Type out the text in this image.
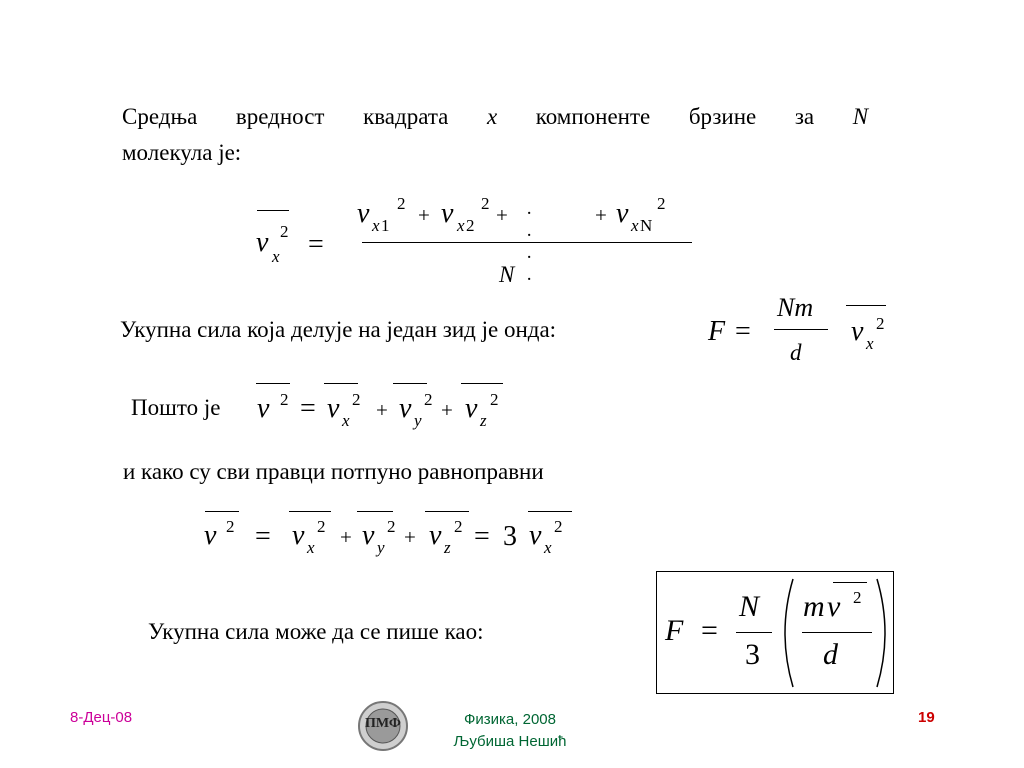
Средња вредност квадрата x компоненте брзине за N
молекула је:
v x
2 =
v x 1
2 + v x 2
2 + · · · ·
+ v x N
2
N
Укупна сила која делује на један зид је онда:	F =
Nm
d
v x
2
Пошто је v 2 = v x
2 + v y
2 + v z
2
и како су сви правци потпуно равноправни
v 2 = v x
2 + v y
2 + v z
2 = 3 v x
2
Укупна сила може да се пише као:	F =
N
3
m v 2
d
8-Дец-08	ПМФ	Физика, 2008
Љубиша Нешић
19
